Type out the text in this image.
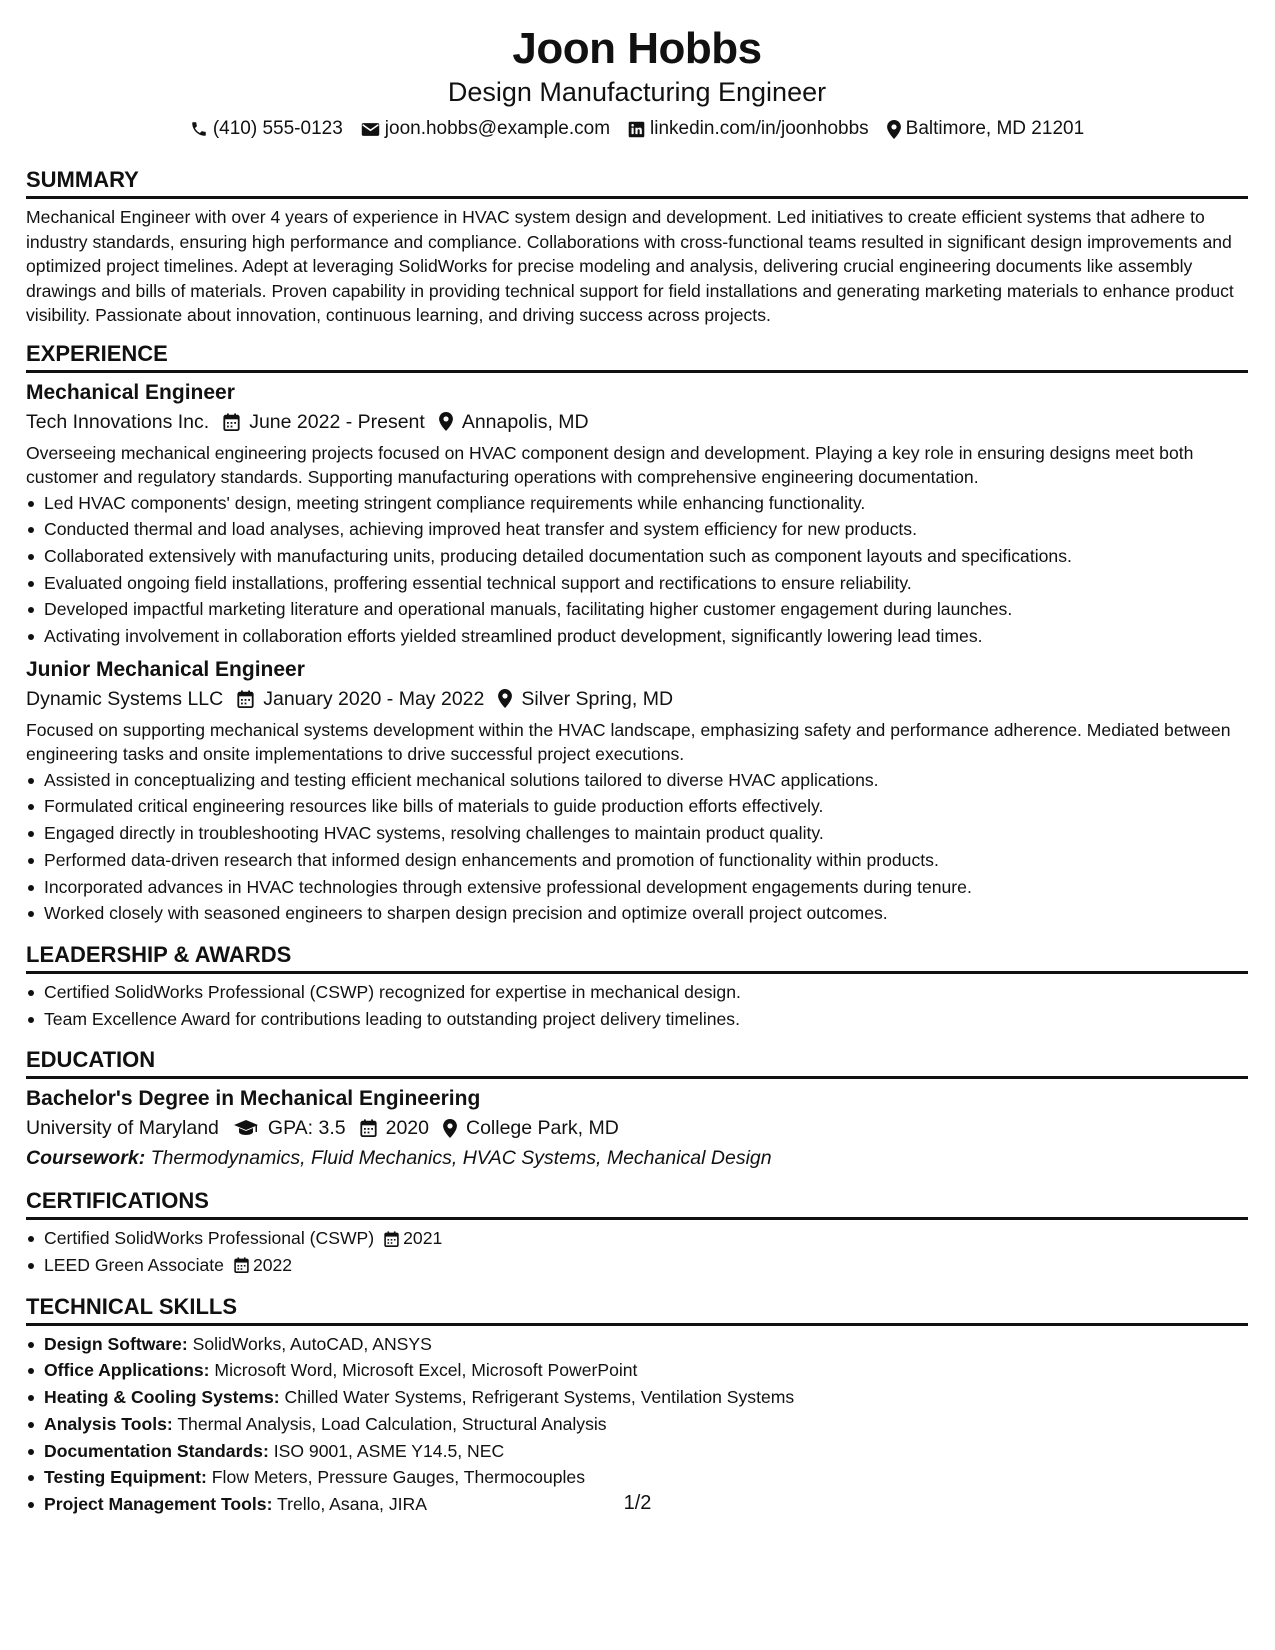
Joon Hobbs
Design Manufacturing Engineer
(410) 555-0123 joon.hobbs@example.com linkedin.com/in/joonhobbs Baltimore, MD 21201
SUMMARY

Mechanical Engineer with over 4 years of experience in HVAC system design and development. Led initiatives to create efficient systems that adhere to industry standards, ensuring high performance and compliance. Collaborations with cross-functional teams resulted in significant design improvements and optimized project timelines. Adept at leveraging SolidWorks for precise modeling and analysis, delivering crucial engineering documents like assembly drawings and bills of materials. Proven capability in providing technical support for field installations and generating marketing materials to enhance product visibility. Passionate about innovation, continuous learning, and driving success across projects.

EXPERIENCE
Mechanical Engineer
Tech Innovations Inc. June 2022 - Present Annapolis, MD

Overseeing mechanical engineering projects focused on HVAC component design and development. Playing a key role in ensuring designs meet both customer and regulatory standards. Supporting manufacturing operations with comprehensive engineering documentation.

Led HVAC components' design, meeting stringent compliance requirements while enhancing functionality.
Conducted thermal and load analyses, achieving improved heat transfer and system efficiency for new products.
Collaborated extensively with manufacturing units, producing detailed documentation such as component layouts and specifications.
Evaluated ongoing field installations, proffering essential technical support and rectifications to ensure reliability.
Developed impactful marketing literature and operational manuals, facilitating higher customer engagement during launches.
Activating involvement in collaboration efforts yielded streamlined product development, significantly lowering lead times.
Junior Mechanical Engineer
Dynamic Systems LLC January 2020 - May 2022 Silver Spring, MD

Focused on supporting mechanical systems development within the HVAC landscape, emphasizing safety and performance adherence. Mediated between engineering tasks and onsite implementations to drive successful project executions.

Assisted in conceptualizing and testing efficient mechanical solutions tailored to diverse HVAC applications.
Formulated critical engineering resources like bills of materials to guide production efforts effectively.
Engaged directly in troubleshooting HVAC systems, resolving challenges to maintain product quality.
Performed data-driven research that informed design enhancements and promotion of functionality within products.
Incorporated advances in HVAC technologies through extensive professional development engagements during tenure.
Worked closely with seasoned engineers to sharpen design precision and optimize overall project outcomes.
LEADERSHIP & AWARDS
Certified SolidWorks Professional (CSWP) recognized for expertise in mechanical design.
Team Excellence Award for contributions leading to outstanding project delivery timelines.
EDUCATION
Bachelor's Degree in Mechanical Engineering
University of Maryland	GPA: 3.5 2020 College Park, MD
Coursework: Thermodynamics, Fluid Mechanics, HVAC Systems, Mechanical Design
CERTIFICATIONS
Certified SolidWorks Professional (CSWP) 2021
LEED Green Associate 2022
TECHNICAL SKILLS
Design Software: SolidWorks, AutoCAD, ANSYS
Office Applications: Microsoft Word, Microsoft Excel, Microsoft PowerPoint
Heating & Cooling Systems: Chilled Water Systems, Refrigerant Systems, Ventilation Systems
Analysis Tools: Thermal Analysis, Load Calculation, Structural Analysis
Documentation Standards: ISO 9001, ASME Y14.5, NEC
Testing Equipment: Flow Meters, Pressure Gauges, Thermocouples
Project Management Tools: Trello, Asana, JIRA	1/2
